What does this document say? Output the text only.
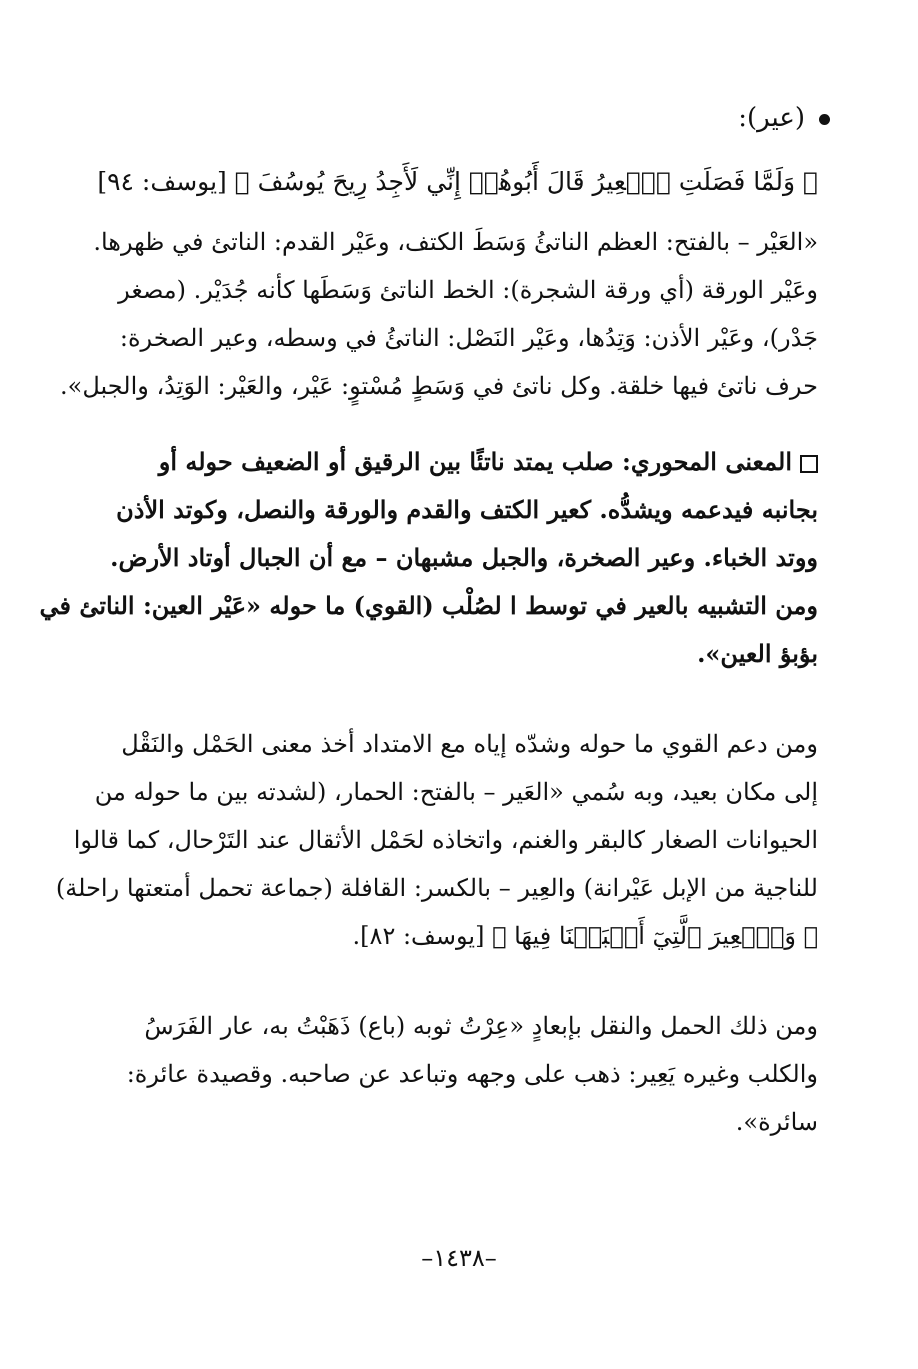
(عير):
﴿ وَلَمَّا فَصَلَتِ ٱلۡعِيرُ قَالَ أَبُوهُمۡ إِنِّي لَأَجِدُ رِيحَ يُوسُفَ ﴾ [يوسف: ٩٤]
«العَيْر – بالفتح: العظم الناتئُ وَسَطَ الكتف، وعَيْر القدم: الناتئ في ظهرها.
وعَيْر الورقة (أي ورقة الشجرة): الخط الناتئ وَسَطَها كأنه جُدَيْر. (مصغر
جَدْر)، وعَيْر الأذن: وَتِدُها، وعَيْر النَصْل: الناتئُ في وسطه، وعير الصخرة:
حرف ناتئ فيها خلقة. وكل ناتئ في وَسَطٍ مُسْتوٍ: عَيْر، والعَيْر: الوَتِدُ، والجبل».
المعنى المحوري: صلب يمتد ناتئًا بين الرقيق أو الضعيف حوله أو
بجانبه فيدعمه ويشدُّه. كعير الكتف والقدم والورقة والنصل، وكوتد الأذن
ووتد الخباء. وعير الصخرة، والجبل مشبهان – مع أن الجبال أوتاد الأرض.
ومن التشبيه بالعير في توسط ا لصُلْب (القوي) ما حوله «عَيْر العين: الناتئ في
بؤبؤ العين».
ومن دعم القوي ما حوله وشدّه إياه مع الامتداد أخذ معنى الحَمْل والنَقْل
إلى مكان بعيد، وبه سُمي «العَير – بالفتح: الحمار، (لشدته بين ما حوله من
الحيوانات الصغار كالبقر والغنم، واتخاذه لحَمْل الأثقال عند التَرْحال، كما قالوا
للناجية من الإبل عَيْرانة) والعِير – بالكسر: القافلة (جماعة تحمل أمتعتها راحلة)
﴿ وَٱلۡعِيرَ ٱلَّتِيٓ أَقۡبَلۡنَا فِيهَا ﴾ [يوسف: ٨٢].
ومن ذلك الحمل والنقل بإبعادٍ «عِرْتُ ثوبه (باع) ذَهَبْتُ به، عار الفَرَسُ
والكلب وغيره يَعِير: ذهب على وجهه وتباعد عن صاحبه. وقصيدة عائرة:
سائرة».
–١٤٣٨–
